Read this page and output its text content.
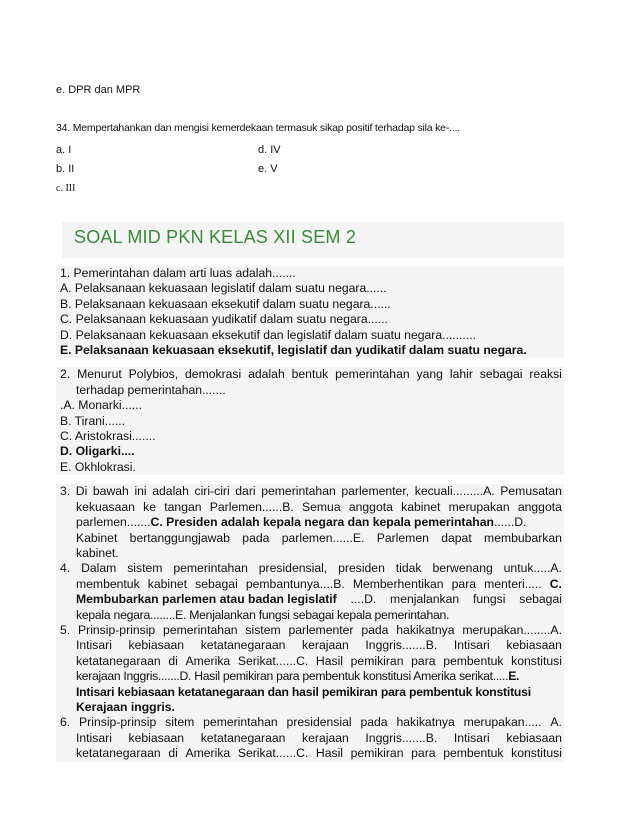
e. DPR dan MPR
34. Mempertahankan dan mengisi kemerdekaan termasuk sikap positif terhadap sila ke-....
a. I	d. IV
b. II	e. V
c. III
SOAL MID PKN KELAS XII SEM 2
1. Pemerintahan dalam arti luas adalah.......
A. Pelaksanaan kekuasaan legislatif dalam suatu negara......
B. Pelaksanaan kekuasaan eksekutif dalam suatu negara......
C. Pelaksanaan kekuasaan yudikatif dalam suatu negara......
D. Pelaksanaan kekuasaan eksekutif dan legislatif dalam suatu negara..........
E. Pelaksanaan kekuasaan eksekutif, legislatif dan yudikatif dalam suatu negara.
2. Menurut Polybios, demokrasi adalah bentuk pemerintahan yang lahir sebagai reaksi
terhadap pemerintahan.......
.A. Monarki......
B. Tirani......
C. Aristokrasi.......
D. Oligarki....
E. Okhlokrasi.
3. Di bawah ini adalah ciri-ciri dari pemerintahan parlementer, kecuali.........A. Pemusatan
kekuasaan ke tangan Parlemen......B. Semua anggota kabinet merupakan anggota
parlemen.......C. Presiden adalah kepala negara dan kepala pemerintahan......D.
Kabinet bertanggungjawab pada parlemen......E. Parlemen dapat membubarkan
kabinet.
4. Dalam sistem pemerintahan presidensial, presiden tidak berwenang untuk.....A.
membentuk kabinet sebagai pembantunya....B. Memberhentikan para menteri..... C.
Membubarkan parlemen atau badan legislatif ....D. menjalankan fungsi sebagai
kepala negara........E. Menjalankan fungsi sebagai kepala pemerintahan.
5. Prinsip-prinsip pemerintahan sistem parlementer pada hakikatnya merupakan........A.
Intisari kebiasaan ketatanegaraan kerajaan Inggris.......B. Intisari kebiasaan
ketatanegaraan di Amerika Serikat......C. Hasil pemikiran para pembentuk konstitusi
kerajaan Inggris.......D. Hasil pemikiran para pembentuk konstitusi Amerika serikat.....E.
Intisari kebiasaan ketatanegaraan dan hasil pemikiran para pembentuk konstitusi
Kerajaan inggris.
6. Prinsip-prinsip sitem pemerintahan presidensial pada hakikatnya merupakan..... A.
Intisari kebiasaan ketatanegaraan kerajaan Inggris.......B. Intisari kebiasaan
ketatanegaraan di Amerika Serikat......C. Hasil pemikiran para pembentuk konstitusi
